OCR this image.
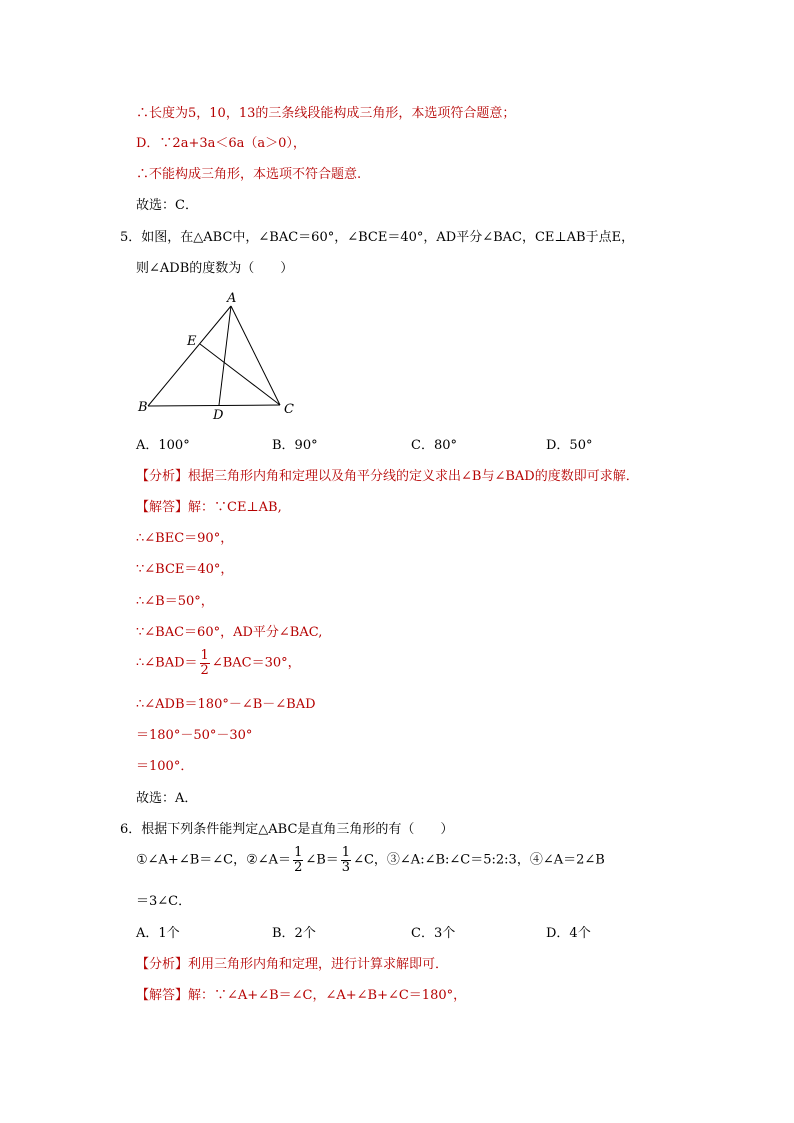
∴长度为5，10，13的三条线段能构成三角形，本选项符合题意；
D．∵2a+3a＜6a（a＞0），
∴不能构成三角形，本选项不符合题意.
故选：C．
5．如图，在△ABC中，∠BAC＝60°，∠BCE＝40°，AD平分∠BAC，CE⊥AB于点E，
则∠ADB的度数为（　　）
A
B	C
D
E
A．100°	B．90°	C．80°	D．50°
【分析】根据三角形内角和定理以及角平分线的定义求出∠B与∠BAD的度数即可求解．
【解答】解：∵CE⊥AB,
∴∠BEC＝90°，
∵∠BCE＝40°，
∴∠B＝50°，
∵∠BAC＝60°，AD平分∠BAC,
∴∠BAD＝ $\frac{1}{2}$ ∠BAC＝30°，
∴∠ADB＝180°－∠B－∠BAD
＝180°－50°－30°
＝100°．
故选：A．
6．根据下列条件能判定△ABC是直角三角形的有（　　）
①∠A+∠B＝∠C，②∠A＝ $\frac{1}{2}$ ∠B＝ $\frac{1}{3}$ ∠C，③∠A:∠B:∠C＝5:2:3，④∠A＝2∠B
＝3∠C．
A．1个	B．2个	C．3个	D．4个
【分析】利用三角形内角和定理，进行计算求解即可．
【解答】解：∵∠A+∠B＝∠C，∠A+∠B+∠C＝180°，
